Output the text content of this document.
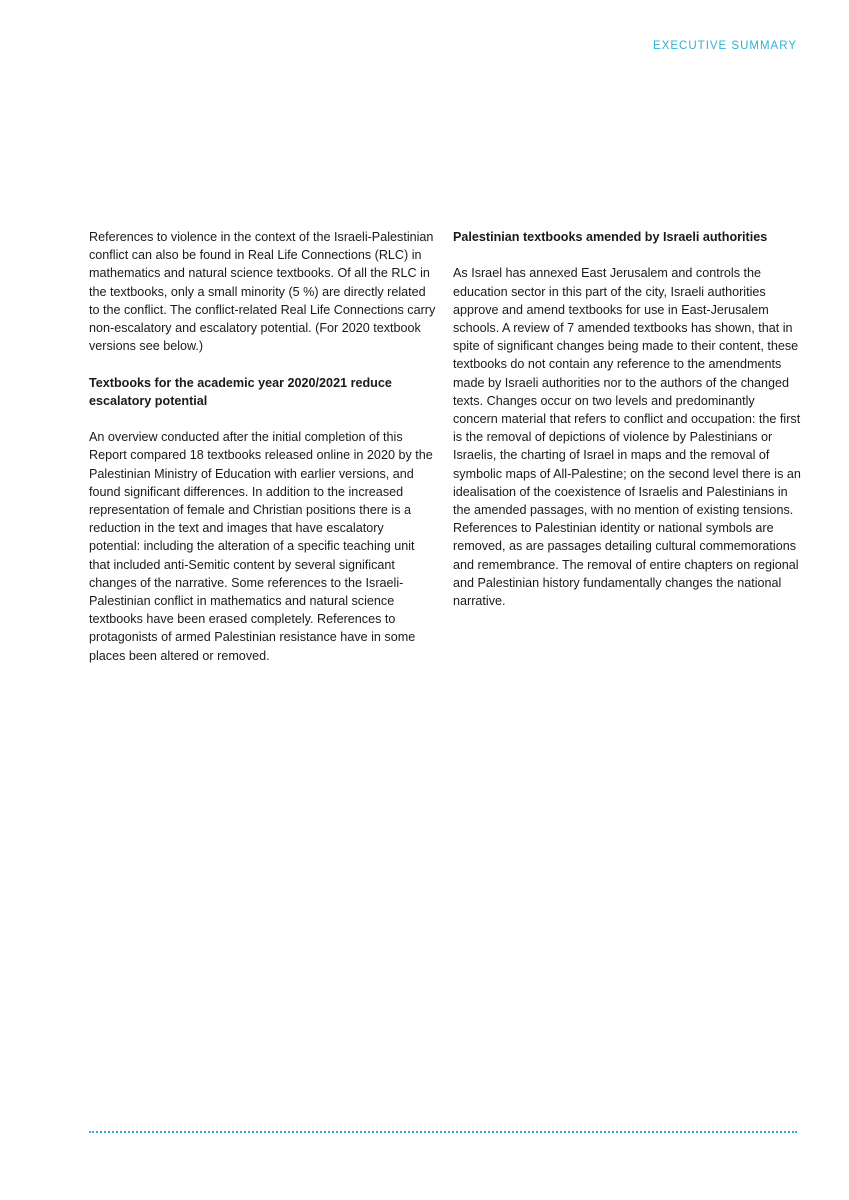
EXECUTIVE SUMMARY

References to violence in the context of the Israeli-Palestinian conflict can also be found in Real Life Connections (RLC) in mathematics and natural science textbooks. Of all the RLC in the textbooks, only a small minority (5 %) are directly related to the conflict. The conflict-related Real Life Connections carry non-escalatory and escalatory potential. (For 2020 textbook versions see below.)

Textbooks for the academic year 2020/2021 reduce escalatory potential

An overview conducted after the initial completion of this Report compared 18 textbooks released online in 2020 by the Palestinian Ministry of Education with earlier versions, and found significant differences. In addition to the increased representation of female and Christian positions there is a reduction in the text and images that have escalatory potential: including the alteration of a specific teaching unit that included anti-Semitic content by several significant changes of the narrative. Some references to the Israeli-Palestinian conflict in mathematics and natural science textbooks have been erased completely. References to protagonists of armed Palestinian resistance have in some places been altered or removed.

Palestinian textbooks amended by Israeli authorities

As Israel has annexed East Jerusalem and controls the education sector in this part of the city, Israeli authorities approve and amend textbooks for use in East-Jerusalem schools. A review of 7 amended textbooks has shown, that in spite of significant changes being made to their content, these textbooks do not contain any reference to the amendments made by Israeli authorities nor to the authors of the changed texts. Changes occur on two levels and predominantly concern material that refers to conflict and occupation: the first is the removal of depictions of violence by Palestinians or Israelis, the charting of Israel in maps and the removal of symbolic maps of All-Palestine; on the second level there is an idealisation of the coexistence of Israelis and Palestinians in the amended passages, with no mention of existing tensions. References to Palestinian identity or national symbols are removed, as are passages detailing cultural commemorations and remembrance. The removal of entire chapters on regional and Palestinian history fundamentally changes the national narrative.
